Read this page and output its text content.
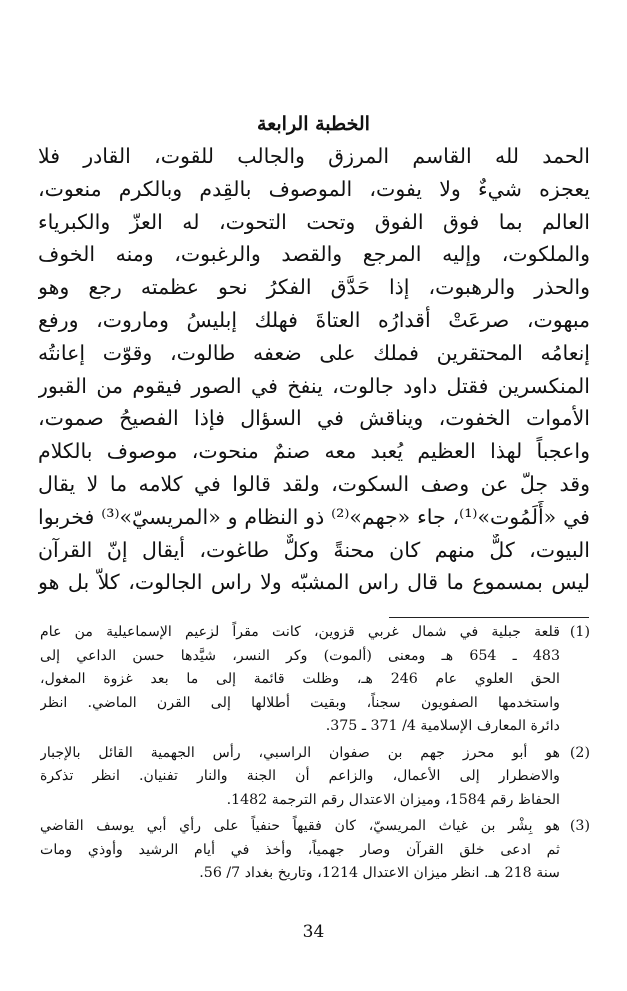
الخطبة الرابعة
الحمد لله القاسم المرزق والجالب للقوت، القادر فلا
يعجزه شيءٌ ولا يفوت، الموصوف بالقِدم وبالكرم منعوت،
العالم بما فوق الفوق وتحت التحوت، له العزّ والكبرياء
والملكوت، وإليه المرجع والقصد والرغبوت، ومنه الخوف
والحذر والرهبوت، إذا حَدَّق الفكرُ نحو عظمته رجع وهو
مبهوت، صرعَتْ أقدارُه العتاةَ فهلك إبليسُ وماروت، ورفع
إنعامُه المحتقرين فملك على ضعفه طالوت، وقوّت إعانتُه
المنكسرين فقتل داود جالوت، ينفخ في الصور فيقوم من القبور
الأموات الخفوت، ويناقش في السؤال فإذا الفصيحُ صموت،
واعجباً لهذا العظيم يُعبد معه صنمٌ منحوت، موصوف بالكلام
وقد جلّ عن وصف السكوت، ولقد قالوا في كلامه ما لا يقال
في «أَلَمُوت»⁽¹⁾، جاء «جهم»⁽²⁾ ذو النظام و «المريسيّ»⁽³⁾ فخربوا
البيوت، كلٌّ منهم كان محنةً وكلٌّ طاغوت، أيقال إنّ القرآن
ليس بمسموع ما قال راس المشبّه ولا راس الجالوت، كلاّ بل هو
(1)
قلعة جبلية في شمال غربي قزوين، كانت مقراً لزعيم الإسماعيلية من عام
483 ـ 654 هـ ومعنى (ألموت) وكر النسر، شيَّدها حسن الداعي إلى
الحق العلوي عام 246 هـ، وظلت قائمة إلى ما بعد غزوة المغول،
واستخدمها الصفويون سجناً، وبقيت أطلالها إلى القرن الماضي. انظر
دائرة المعارف الإسلامية 4/ 371 ـ 375.
(2)
هو أبو محرز جهم بن صفوان الراسبي، رأس الجهمية القائل بالإجبار
والاضطرار إلى الأعمال، والزاعم أن الجنة والنار تفنيان. انظر تذكرة
الحفاظ رقم 1584، وميزان الاعتدال رقم الترجمة 1482.
(3)
هو بِشْر بن غياث المريسيّ، كان فقيهاً حنفياً على رأي أبي يوسف القاضي
ثم ادعى خلق القرآن وصار جهمياً، وأخذ في أيام الرشيد وأوذي ومات
سنة 218 هـ. انظر ميزان الاعتدال 1214، وتاريخ بغداد 7/ 56.
34
